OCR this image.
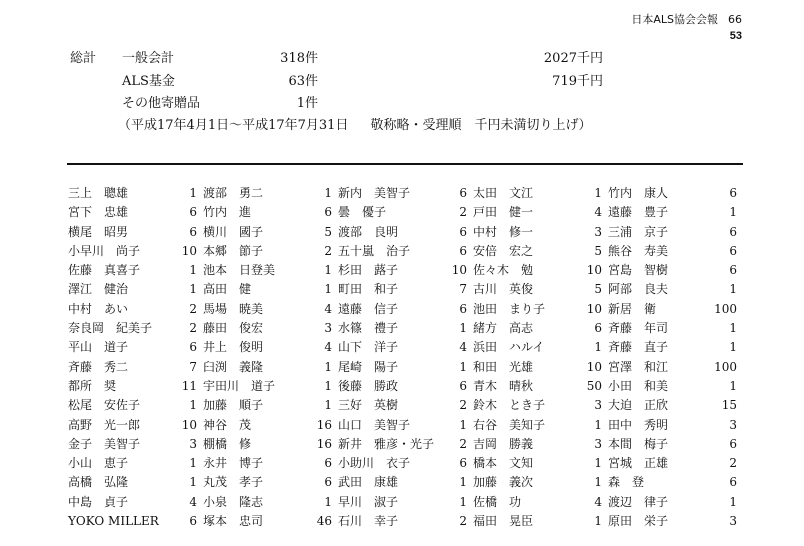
日本ALS協会会報 66
53
総計 一般会計	318件	2027千円
ALS基金	63件	719千円
その他寄贈品	1件
（平成17年4月1日～平成17年7月31日 敬称略・受理順　千円未満切り上げ）
三上　聰雄	1 渡部　勇二	1 新内　美智子	6 太田　文江	1 竹内　康人	6
宮下　忠雄	6 竹内　進	6 曇　優子	2 戸田　健一	4 遠藤　豊子	1
横尾　昭男	6 横川　國子	5 渡部　良明	6 中村　修一	3 三浦　京子	6
小早川　尚子	10 本郷　節子	2 五十嵐　治子	6 安倍　宏之	5 熊谷　寿美	6
佐藤　真喜子	1 池本　日登美	1 杉田　蕗子	10 佐々木　勉	10 宮島　智樹	6
澤江　健治	1 高田　健	1 町田　和子	7 古川　英俊	5 阿部　良夫	1
中村　あい	2 馬場　暁美	4 遠藤　信子	6 池田　まり子	10 新居　衛	100
奈良岡　紀美子	2 藤田　俊宏	3 水篠　禮子	1 緒方　高志	6 斉藤　年司	1
平山　道子	6 井上　俊明	4 山下　洋子	4 浜田　ハルイ	1 斉藤　直子	1
斉藤　秀二	7 臼渕　義隆	1 尾崎　陽子	1 和田　光雄	10 宮澤　和江	100
都所　奨	11 宇田川　道子	1 後藤　勝政	6 青木　晴秋	50 小田　和美	1
松尾　安佐子	1 加藤　順子	1 三好　英樹	2 鈴木　とき子	3 大迫　正欣	15
高野　光一郎	10 神谷　茂	16 山口　美智子	1 右谷　美知子	1 田中　秀明	3
金子　美智子	3 棚橋　修	16 新井　雅彦・光子 2 吉岡　勝義	3 本間　梅子	6
小山　恵子	1 永井　博子	6 小助川　衣子	6 橋本　文知	1 宮城　正雄	2
高橋　弘隆	1 丸茂　孝子	6 武田　康雄	1 加藤　義次	1 森　登	6
中島　貞子	4 小泉　隆志	1 早川　淑子	1 佐橋　功	4 渡辺　律子	1
YOKO MILLER	6 塚本　忠司	46 石川　幸子	2 福田　晃臣	1 原田　栄子	3
